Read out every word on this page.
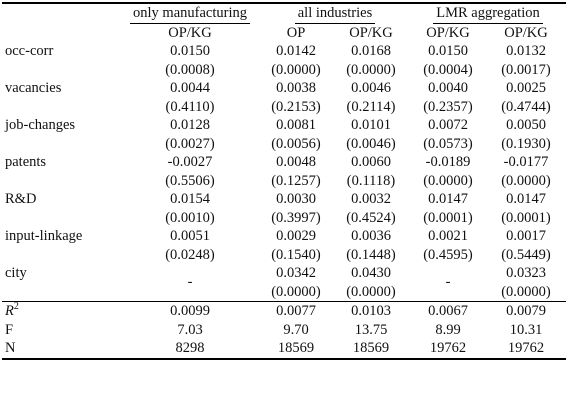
	only manufacturing	all industries		LMR aggregation	
	OP/KG	OP	OP/KG	OP/KG	OP/KG
occ-corr	0.0150	0.0142	0.0168	0.0150	0.0132
	(0.0008)	(0.0000)	(0.0000)	(0.0004)	(0.0017)
vacancies	0.0044	0.0038	0.0046	0.0040	0.0025
	(0.4110)	(0.2153)	(0.2114)	(0.2357)	(0.4744)
job-changes	0.0128	0.0081	0.0101	0.0072	0.0050
	(0.0027)	(0.0056)	(0.0046)	(0.0573)	(0.1930)
patents	-0.0027	0.0048	0.0060	-0.0189	-0.0177
	(0.5506)	(0.1257)	(0.1118)	(0.0000)	(0.0000)
R&D	0.0154	0.0030	0.0032	0.0147	0.0147
	(0.0010)	(0.3997)	(0.4524)	(0.0001)	(0.0001)
input-linkage	0.0051	0.0029	0.0036	0.0021	0.0017
	(0.0248)	(0.1540)	(0.1448)	(0.4595)	(0.5449)
city	-	0.0342	0.0430	-	0.0323
		(0.0000)	(0.0000)		(0.0000)
$R^2$	0.0099	0.0077	0.0103	0.0067	0.0079
F	7.03	9.70	13.75	8.99	10.31
N	8298	18569	18569	19762	19762
